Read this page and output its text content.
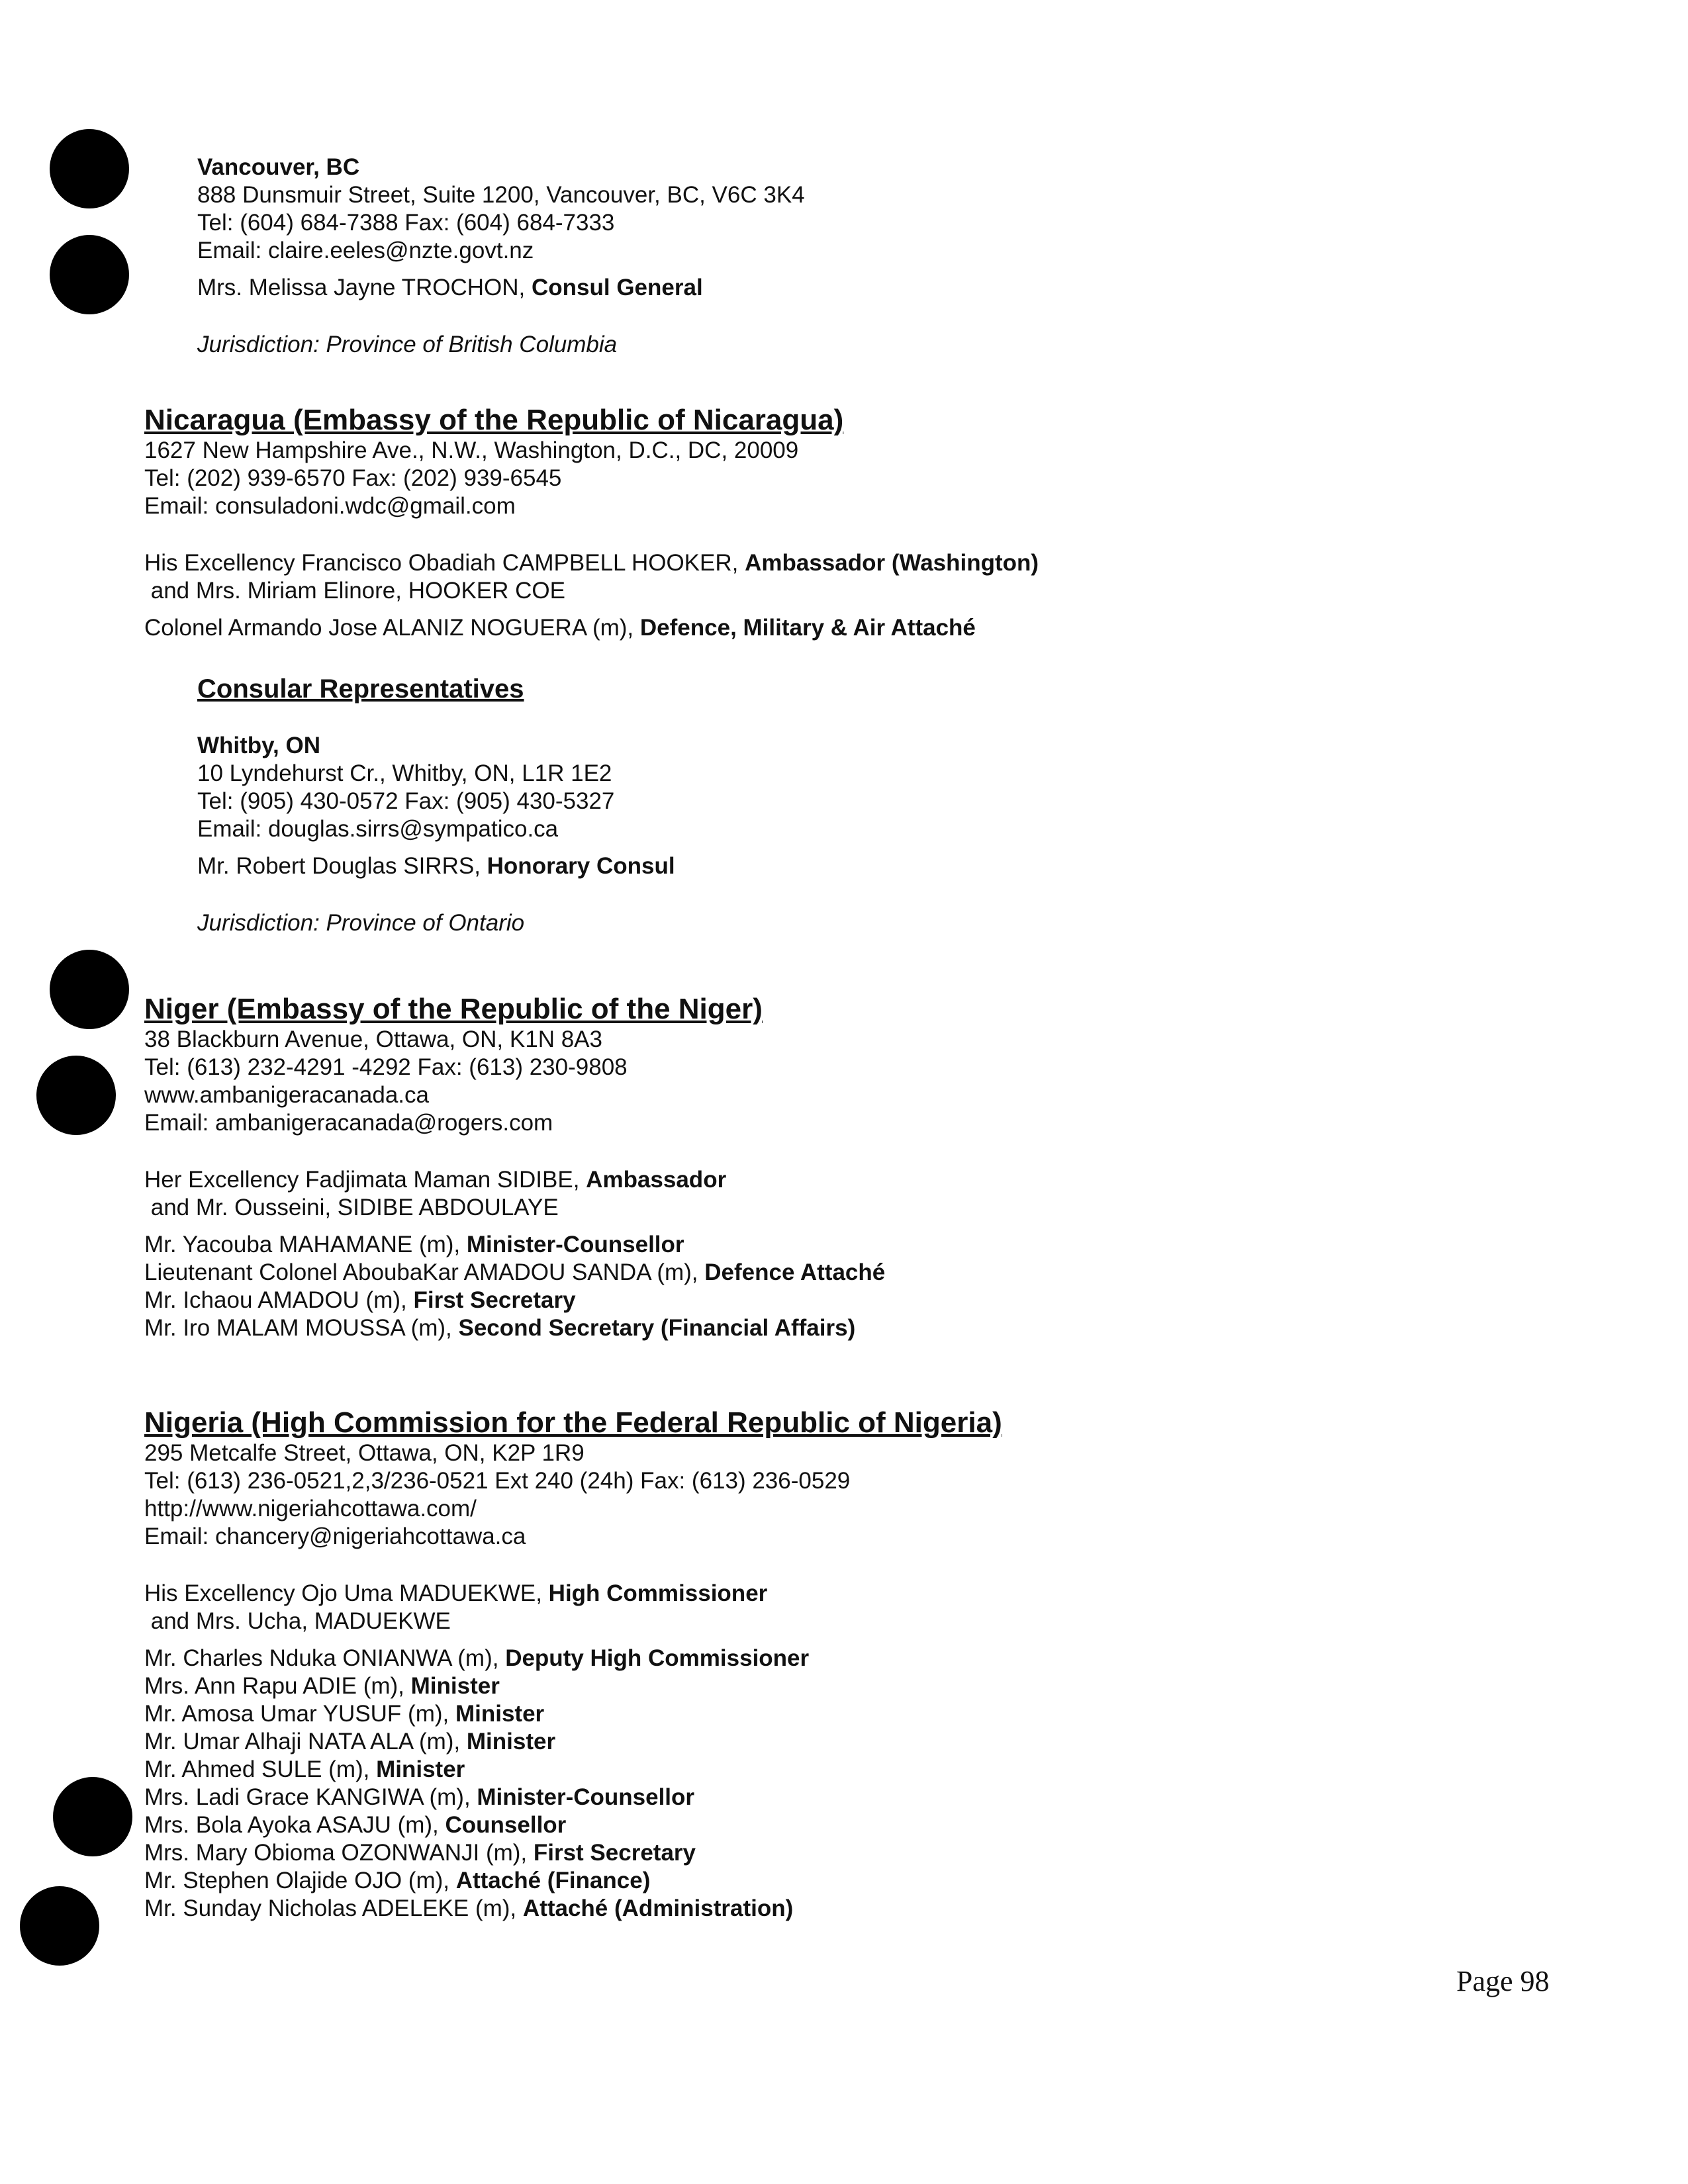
Vancouver, BC
888 Dunsmuir Street, Suite 1200, Vancouver, BC, V6C 3K4
Tel: (604) 684-7388 Fax: (604) 684-7333
Email: claire.eeles@nzte.govt.nz
Mrs. Melissa Jayne TROCHON, Consul General
Jurisdiction: Province of British Columbia
Nicaragua (Embassy of the Republic of Nicaragua)
1627 New Hampshire Ave., N.W., Washington, D.C., DC, 20009
Tel: (202) 939-6570 Fax: (202) 939-6545
Email: consuladoni.wdc@gmail.com
His Excellency Francisco Obadiah CAMPBELL HOOKER, Ambassador (Washington)
and Mrs. Miriam Elinore, HOOKER COE
Colonel Armando Jose ALANIZ NOGUERA (m), Defence, Military & Air Attaché
Consular Representatives
Whitby, ON
10 Lyndehurst Cr., Whitby, ON, L1R 1E2
Tel: (905) 430-0572 Fax: (905) 430-5327
Email: douglas.sirrs@sympatico.ca
Mr. Robert Douglas SIRRS, Honorary Consul
Jurisdiction: Province of Ontario
Niger (Embassy of the Republic of the Niger)
38 Blackburn Avenue, Ottawa, ON, K1N 8A3
Tel: (613) 232-4291 -4292 Fax: (613) 230-9808
www.ambanigeracanada.ca
Email: ambanigeracanada@rogers.com
Her Excellency Fadjimata Maman SIDIBE, Ambassador
and Mr. Ousseini, SIDIBE ABDOULAYE
Mr. Yacouba MAHAMANE (m), Minister-Counsellor
Lieutenant Colonel AboubaKar AMADOU SANDA (m), Defence Attaché
Mr. Ichaou AMADOU (m), First Secretary
Mr. Iro MALAM MOUSSA (m), Second Secretary (Financial Affairs)
Nigeria (High Commission for the Federal Republic of Nigeria)
295 Metcalfe Street, Ottawa, ON, K2P 1R9
Tel: (613) 236-0521,2,3/236-0521 Ext 240 (24h) Fax: (613) 236-0529
http://www.nigeriahcottawa.com/
Email: chancery@nigeriahcottawa.ca
His Excellency Ojo Uma MADUEKWE, High Commissioner
and Mrs. Ucha, MADUEKWE
Mr. Charles Nduka ONIANWA (m), Deputy High Commissioner
Mrs. Ann Rapu ADIE (m), Minister
Mr. Amosa Umar YUSUF (m), Minister
Mr. Umar Alhaji NATA ALA (m), Minister
Mr. Ahmed SULE (m), Minister
Mrs. Ladi Grace KANGIWA (m), Minister-Counsellor
Mrs. Bola Ayoka ASAJU (m), Counsellor
Mrs. Mary Obioma OZONWANJI (m), First Secretary
Mr. Stephen Olajide OJO (m), Attaché (Finance)
Mr. Sunday Nicholas ADELEKE (m), Attaché (Administration)
Page 98
